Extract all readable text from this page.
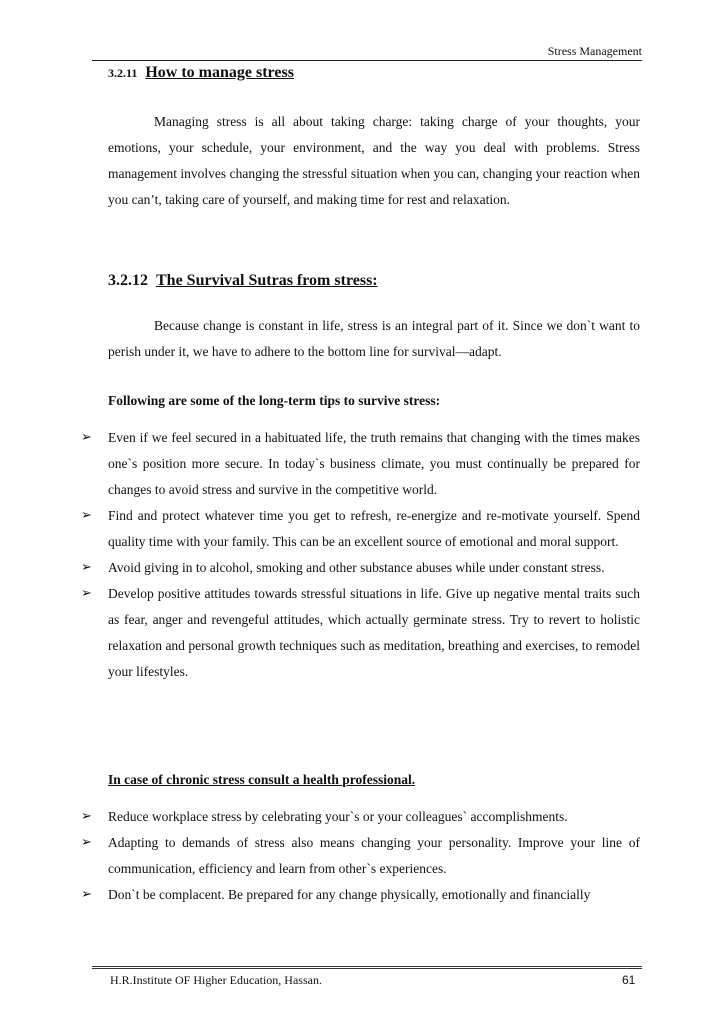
Stress Management
3.2.11 How to manage stress

Managing stress is all about taking charge: taking charge of your thoughts, your emotions, your schedule, your environment, and the way you deal with problems. Stress management involves changing the stressful situation when you can, changing your reaction when you can’t, taking care of yourself, and making time for rest and relaxation.

3.2.12 The Survival Sutras from stress:

Because change is constant in life, stress is an integral part of it. Since we don`t want to perish under it, we have to adhere to the bottom line for survival—adapt.

Following are some of the long-term tips to survive stress:
➢ Even if we feel secured in a habituated life, the truth remains that changing with the times makes one`s position more secure. In today`s business climate, you must continually be prepared for changes to avoid stress and survive in the competitive world.
➢ Find and protect whatever time you get to refresh, re-energize and re-motivate yourself. Spend quality time with your family. This can be an excellent source of emotional and moral support.
➢ Avoid giving in to alcohol, smoking and other substance abuses while under constant stress.
➢ Develop positive attitudes towards stressful situations in life. Give up negative mental traits such as fear, anger and revengeful attitudes, which actually germinate stress. Try to revert to holistic relaxation and personal growth techniques such as meditation, breathing and exercises, to remodel your lifestyles.
In case of chronic stress consult a health professional.
➢ Reduce workplace stress by celebrating your`s or your colleagues` accomplishments.
➢ Adapting to demands of stress also means changing your personality. Improve your line of communication, efficiency and learn from other`s experiences.
➢ Don`t be complacent. Be prepared for any change physically, emotionally and financially
H.R.Institute OF Higher Education, Hassan.	61
